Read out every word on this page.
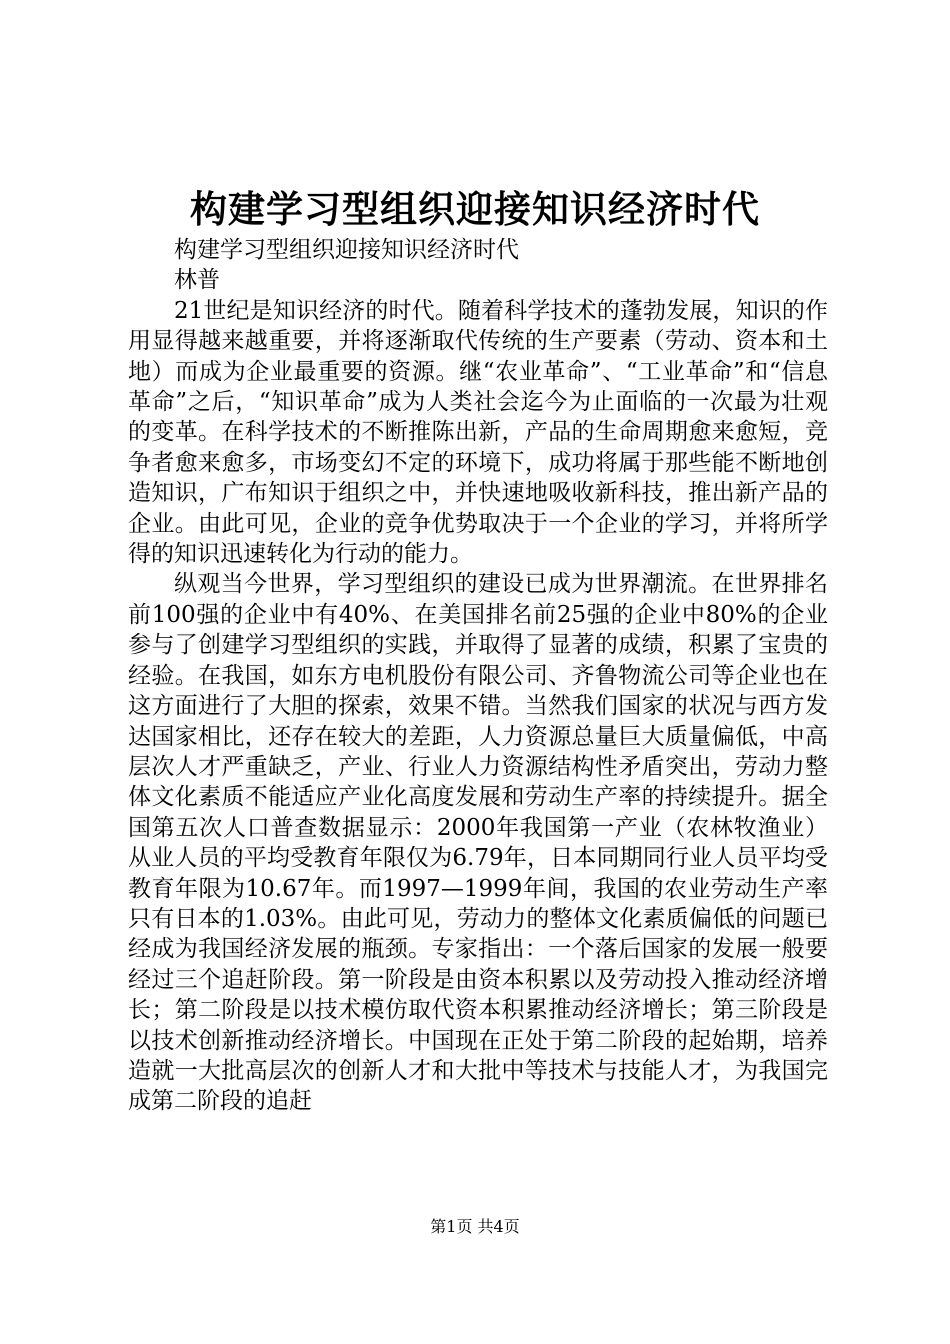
构建学习型组织迎接知识经济时代

构建学习型组织迎接知识经济时代

林普

21世纪是知识经济的时代。随着科学技术的蓬勃发展，知识的作用显得越来越重要，并将逐渐取代传统的生产要素（劳动、资本和土地）而成为企业最重要的资源。继“农业革命”、“工业革命”和“信息革命”之后，“知识革命”成为人类社会迄今为止面临的一次最为壮观的变革。在科学技术的不断推陈出新，产品的生命周期愈来愈短，竞争者愈来愈多，市场变幻不定的环境下，成功将属于那些能不断地创造知识，广布知识于组织之中，并快速地吸收新科技，推出新产品的企业。由此可见，企业的竞争优势取决于一个企业的学习，并将所学得的知识迅速转化为行动的能力。

纵观当今世界，学习型组织的建设已成为世界潮流。在世界排名前100强的企业中有40%、在美国排名前25强的企业中80%的企业参与了创建学习型组织的实践，并取得了显著的成绩，积累了宝贵的经验。在我国，如东方电机股份有限公司、齐鲁物流公司等企业也在这方面进行了大胆的探索，效果不错。当然我们国家的状况与西方发达国家相比，还存在较大的差距，人力资源总量巨大质量偏低，中高层次人才严重缺乏，产业、行业人力资源结构性矛盾突出，劳动力整体文化素质不能适应产业化高度发展和劳动生产率的持续提升。据全国第五次人口普查数据显示：2000年我国第一产业（农林牧渔业）从业人员的平均受教育年限仅为6.79年，日本同期同行业人员平均受教育年限为10.67年。而1997—1999年间，我国的农业劳动生产率只有日本的1.03%。由此可见，劳动力的整体文化素质偏低的问题已经成为我国经济发展的瓶颈。专家指出：一个落后国家的发展一般要经过三个追赶阶段。第一阶段是由资本积累以及劳动投入推动经济增长；第二阶段是以技术模仿取代资本积累推动经济增长；第三阶段是以技术创新推动经济增长。中国现在正处于第二阶段的起始期，培养造就一大批高层次的创新人才和大批中等技术与技能人才，为我国完成第二阶段的追赶

第1页 共4页
